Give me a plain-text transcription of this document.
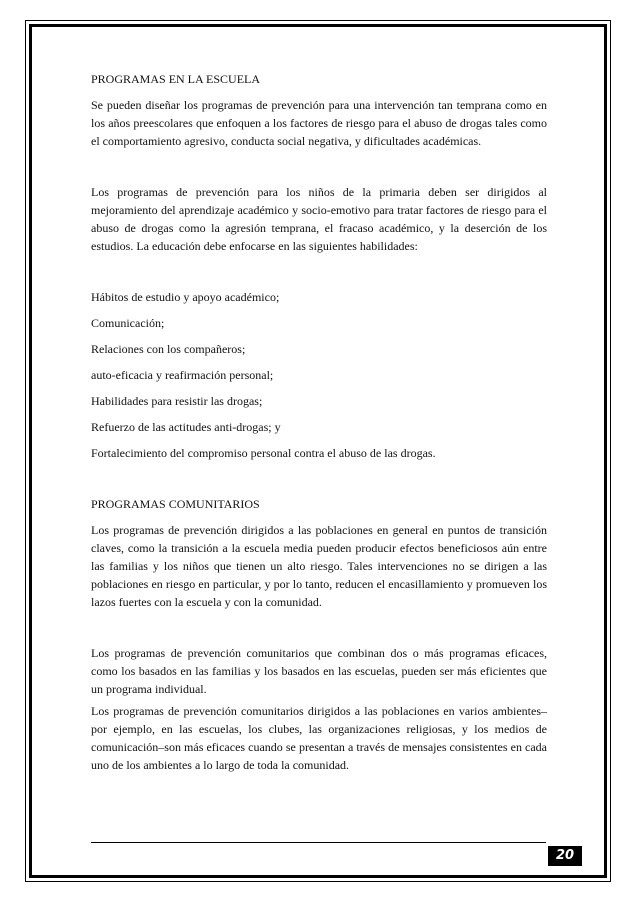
PROGRAMAS EN LA ESCUELA

Se pueden diseñar los programas de prevención para una intervención tan temprana como en los años preescolares que enfoquen a los factores de riesgo para el abuso de drogas tales como el comportamiento agresivo, conducta social negativa, y dificultades académicas.

Los programas de prevención para los niños de la primaria deben ser dirigidos al mejoramiento del aprendizaje académico y socio-emotivo para tratar factores de riesgo para el abuso de drogas como la agresión temprana, el fracaso académico, y la deserción de los estudios. La educación debe enfocarse en las siguientes habilidades:

Hábitos de estudio y apoyo académico;
Comunicación;
Relaciones con los compañeros;
auto-eficacia y reafirmación personal;
Habilidades para resistir las drogas;
Refuerzo de las actitudes anti-drogas; y
Fortalecimiento del compromiso personal contra el abuso de las drogas.
PROGRAMAS COMUNITARIOS

Los programas de prevención dirigidos a las poblaciones en general en puntos de transición claves, como la transición a la escuela media pueden producir efectos beneficiosos aún entre las familias y los niños que tienen un alto riesgo. Tales intervenciones no se dirigen a las poblaciones en riesgo en particular, y por lo tanto, reducen el encasillamiento y promueven los lazos fuertes con la escuela y con la comunidad.

Los programas de prevención comunitarios que combinan dos o más programas eficaces, como los basados en las familias y los basados en las escuelas, pueden ser más eficientes que un programa individual.

Los programas de prevención comunitarios dirigidos a las poblaciones en varios ambientes–por ejemplo, en las escuelas, los clubes, las organizaciones religiosas, y los medios de comunicación–son más eficaces cuando se presentan a través de mensajes consistentes en cada uno de los ambientes a lo largo de toda la comunidad.

20
